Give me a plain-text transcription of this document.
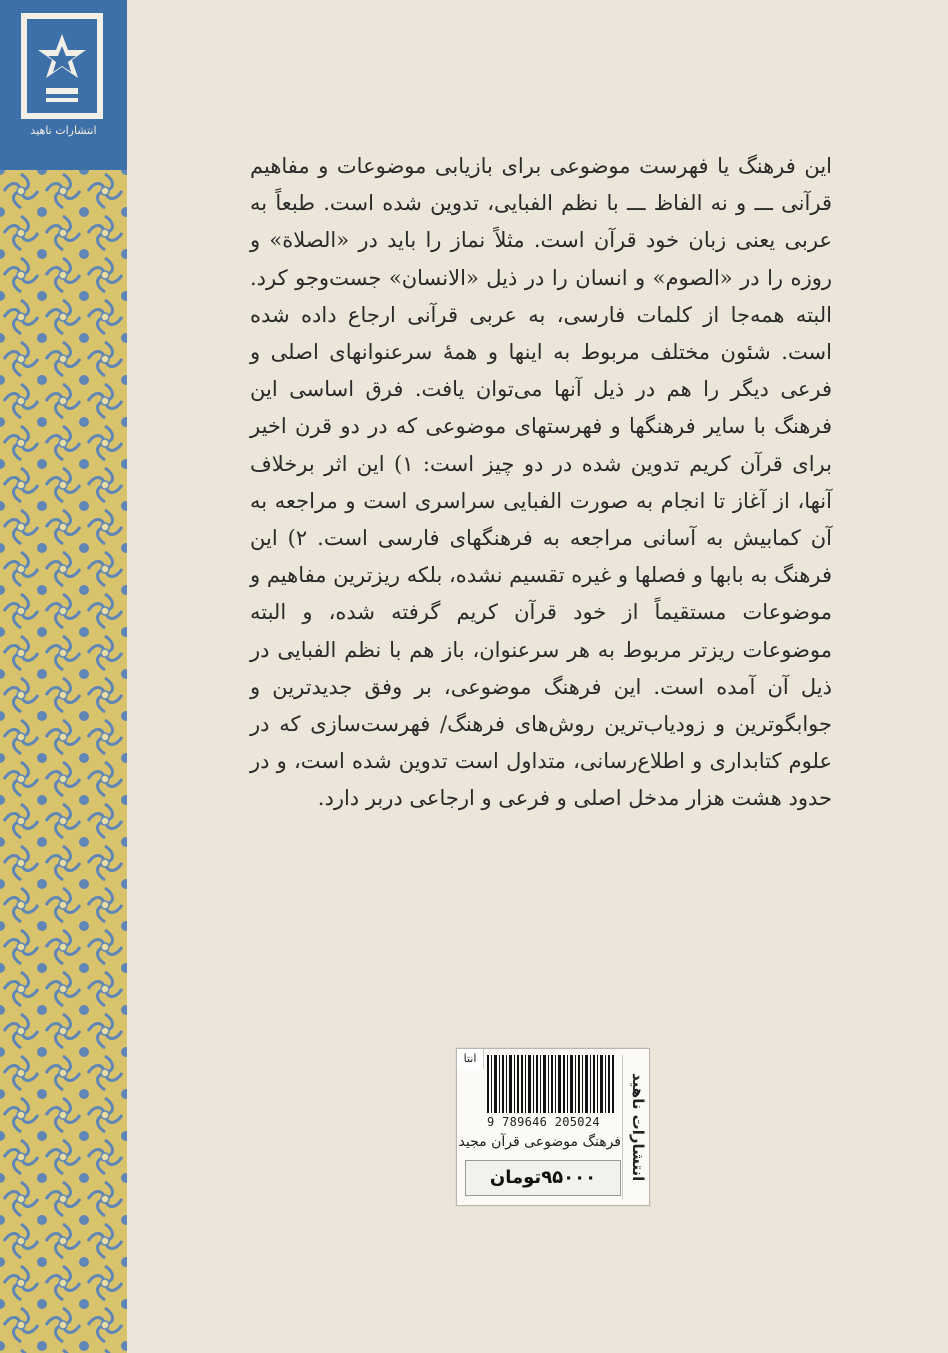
انتشارات ناهید

این فرهنگ یا فهرست موضوعی برای بازیابی موضوعات و مفاهیم قرآنی ـــ و نه الفاظ ـــ با نظم الفبایی، تدوین شده است. طبعاً به عربی یعنی زبان خود قرآن است. مثلاً نماز را باید در «الصلاة» و روزه را در «الصوم» و انسان را در ذیل «الانسان» جست‌وجو کرد. البته همه‌جا از کلمات فارسی، به عربی قرآنی ارجاع داده شده است. شئون مختلف مربوط به اینها و همهٔ سرعنوانهای اصلی و فرعی دیگر را هم در ذیل آنها می‌توان یافت. فرق اساسی این فرهنگ با سایر فرهنگها و فهرستهای موضوعی که در دو قرن اخیر برای قرآن کریم تدوین شده در دو چیز است: ۱) این اثر برخلاف آنها، از آغاز تا انجام به صورت الفبایی سراسری است و مراجعه به آن کمابیش به آسانی مراجعه به فرهنگهای فارسی است. ۲) این فرهنگ به بابها و فصلها و غیره تقسیم نشده، بلکه ریزترین مفاهیم و موضوعات مستقیماً از خود قرآن کریم گرفته شده، و البته موضوعات ریزتر مربوط به هر سرعنوان، باز هم با نظم الفبایی در ذیل آن آمده است. این فرهنگ موضوعی، بر وفق جدیدترین و جوابگوترین و زودیاب‌ترین روش‌های فرهنگ/ فهرست‌سازی که در علوم کتابداری و اطلاع‌رسانی، متداول است تدوین شده است، و در حدود هشت هزار مدخل اصلی و فرعی و ارجاعی دربر دارد.

انتا
9 789646 205024
فرهنگ موضوعی قرآن مجید
۹۵۰۰۰تومان	انتشارات ناهید
